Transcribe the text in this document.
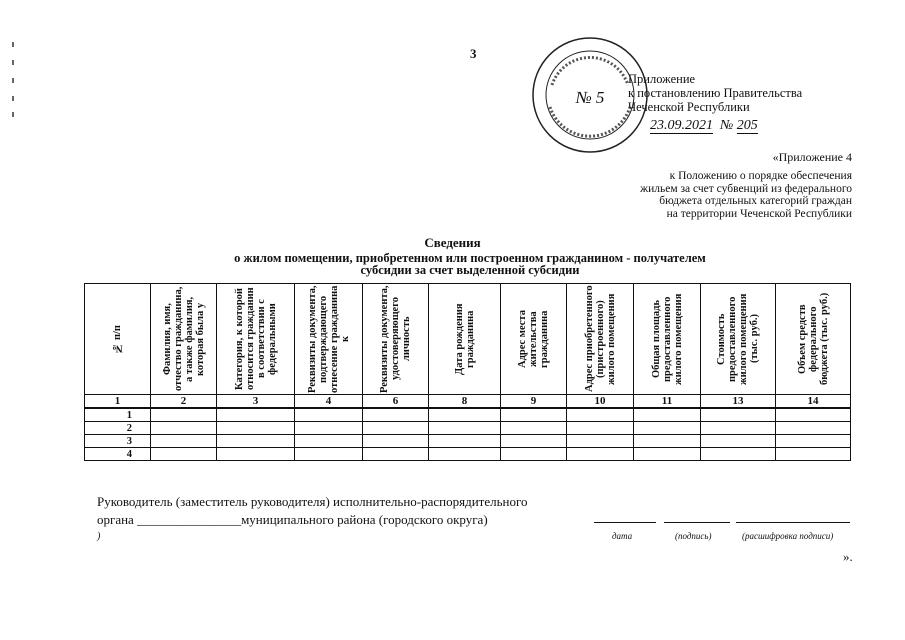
3
№ 5
Приложение
к постановлению Правительства
Чеченской Республики
23.09.2021 № 205
«Приложение 4
к Положению о порядке обеспечения
жильем за счет субвенций из федерального
бюджета отдельных категорий граждан
на территории Чеченской Республики
Сведения
о жилом помещении, приобретенном или построенном гражданином - получателем
субсидии за счет выделенной субсидии
№ п/п	Фамилия, имя, отчество гражданина, а также фамилия, которая была у	Категория, к которой относится гражданин в соответствии с федеральными	Реквизиты документа, подтверждающего отнесение гражданина к	Реквизиты документа, удостоверяющего личность	Дата рождения гражданина	Адрес места жительства гражданина	Адрес приобретенного (пристроенного) жилого помещения	Общая площадь предоставленного жилого помещения	Стоимость предоставленного жилого помещения (тыс. руб.)	Объем средств федерального бюджета (тыс. руб.)

1	2	3	4	6	8	9	10	11	13	14
1										
2										
3										
4										
Руководитель (заместитель руководителя) исполнительно-распорядительного
органа ________________муниципального района (городского округа)
)	дата	(подпись)	(расшифровка подписи)
».
